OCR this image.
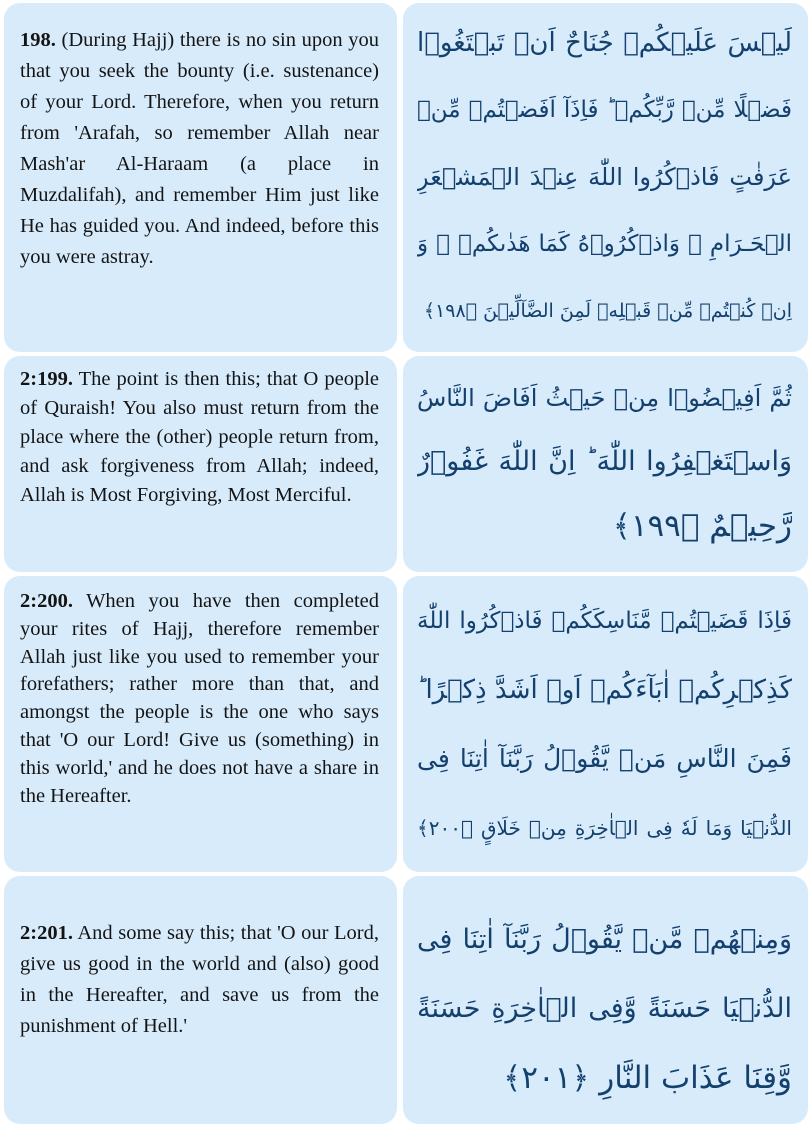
198. (During Hajj) there is no sin upon you that you seek the bounty (i.e. sustenance) of your Lord. Therefore, when you return from 'Arafah, so remember Allah near Mash'ar Al-Haraam (a place in Muzdalifah), and remember Him just like He has guided you. And indeed, before this you were astray.

لَيۡسَ عَلَيۡكُمۡ جُنَاحٌ اَنۡ تَبۡتَغُوۡا
فَضۡلًا مِّنۡ رَّبِّكُمۡ ؕ فَاِذَآ اَفَضۡتُمۡ مِّنۡ
عَرَفٰتٍ فَاذۡكُرُوا اللّٰهَ عِنۡدَ الۡمَشۡعَرِ
الۡحَـرَامِ ۖ وَاذۡكُرُوۡهُ كَمَا هَدٰٮكُمۡ ۚ وَ
اِنۡ كُنۡتُمۡ مِّنۡ قَبۡلِهٖ لَمِنَ الضَّآلِّيۡنَ ﴿۱۹۸﴾

2:199. The point is then this; that O people of Quraish! You also must return from the place where the (other) people return from, and ask forgiveness from Allah; indeed, Allah is Most Forgiving, Most Merciful.

ثُمَّ اَفِيۡضُوۡا مِنۡ حَيۡثُ اَفَاضَ النَّاسُ
وَاسۡتَغۡفِرُوا اللّٰهَ ؕ اِنَّ اللّٰهَ غَفُوۡرٌ
رَّحِيۡمٌ ﴿۱۹۹﴾

2:200. When you have then completed your rites of Hajj, therefore remember Allah just like you used to remember your forefathers; rather more than that, and amongst the people is the one who says that 'O our Lord! Give us (something) in this world,' and he does not have a share in the Hereafter.

فَاِذَا قَضَيۡتُمۡ مَّنَاسِكَكُمۡ فَاذۡكُرُوا اللّٰهَ
كَذِكۡرِكُمۡ اٰبَآءَكُمۡ اَوۡ اَشَدَّ ذِكۡرًا ؕ
فَمِنَ النَّاسِ مَنۡ يَّقُوۡلُ رَبَّنَآ اٰتِنَا فِى
الدُّنۡيَا وَمَا لَهٗ فِى الۡاٰخِرَةِ مِنۡ خَلَاقٍ ﴿۲۰۰﴾

2:201. And some say this; that 'O our Lord, give us good in the world and (also) good in the Hereafter, and save us from the punishment of Hell.'

وَمِنۡهُمۡ مَّنۡ يَّقُوۡلُ رَبَّنَآ اٰتِنَا فِى
الدُّنۡيَا حَسَنَةً وَّفِى الۡاٰخِرَةِ حَسَنَةً
وَّقِنَا عَذَابَ النَّارِ ﴿۲۰۱﴾
